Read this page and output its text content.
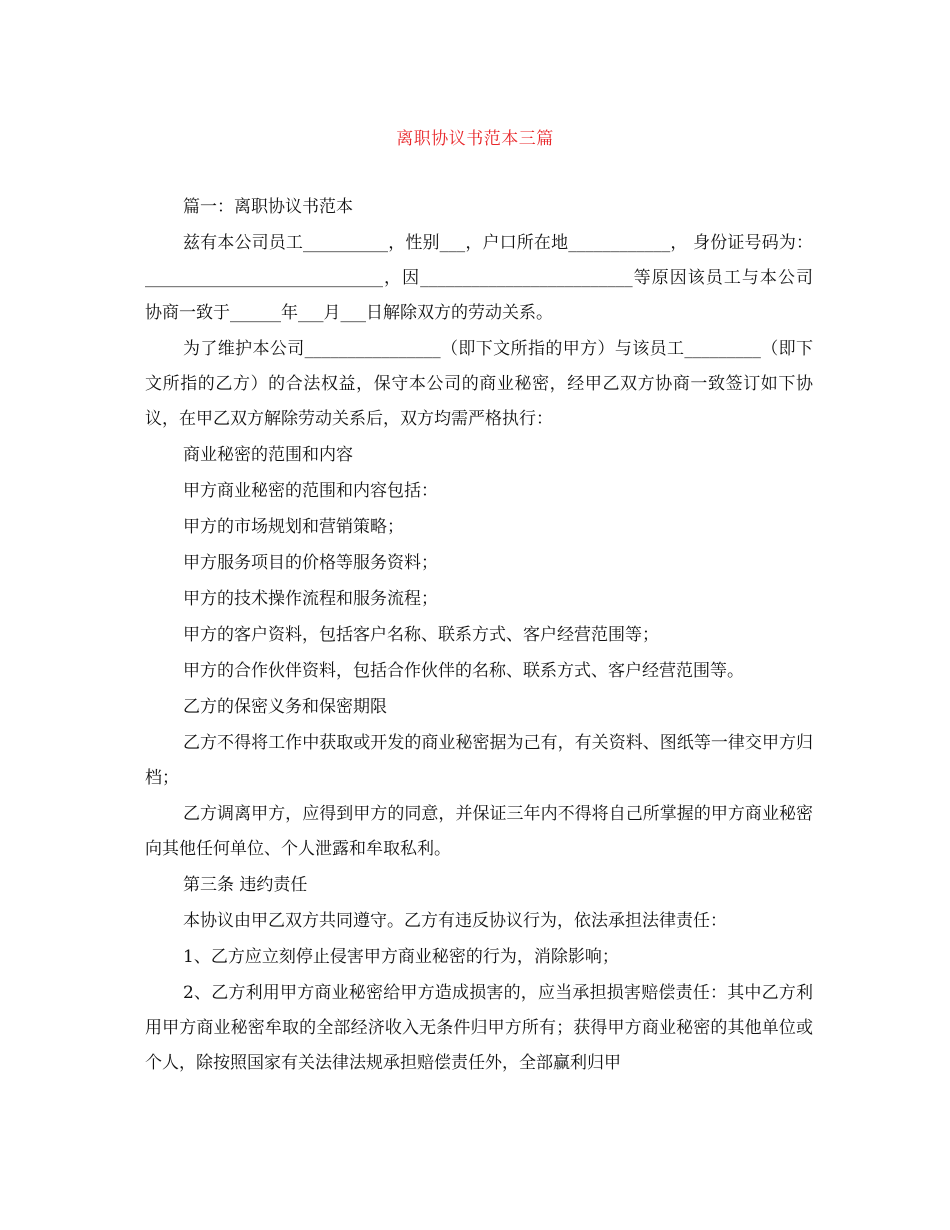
离职协议书范本三篇

篇一：离职协议书范本

兹有本公司员工__________，性别___，户口所在地____________， 身份证号码为：____________________________，因_________________________等原因该员工与本公司协商一致于______年___月___日解除双方的劳动关系。

为了维护本公司________________（即下文所指的甲方）与该员工_________（即下文所指的乙方）的合法权益，保守本公司的商业秘密，经甲乙双方协商一致签订如下协议，在甲乙双方解除劳动关系后，双方均需严格执行：

商业秘密的范围和内容

甲方商业秘密的范围和内容包括：

甲方的市场规划和营销策略；

甲方服务项目的价格等服务资料；

甲方的技术操作流程和服务流程；

甲方的客户资料，包括客户名称、联系方式、客户经营范围等；

甲方的合作伙伴资料，包括合作伙伴的名称、联系方式、客户经营范围等。

乙方的保密义务和保密期限

乙方不得将工作中获取或开发的商业秘密据为己有，有关资料、图纸等一律交甲方归档；

乙方调离甲方，应得到甲方的同意，并保证三年内不得将自己所掌握的甲方商业秘密向其他任何单位、个人泄露和牟取私利。

第三条 违约责任

本协议由甲乙双方共同遵守。乙方有违反协议行为，依法承担法律责任：

1、乙方应立刻停止侵害甲方商业秘密的行为，消除影响；

2、乙方利用甲方商业秘密给甲方造成损害的，应当承担损害赔偿责任：其中乙方利用甲方商业秘密牟取的全部经济收入无条件归甲方所有；获得甲方商业秘密的其他单位或个人，除按照国家有关法律法规承担赔偿责任外，全部赢利归甲
